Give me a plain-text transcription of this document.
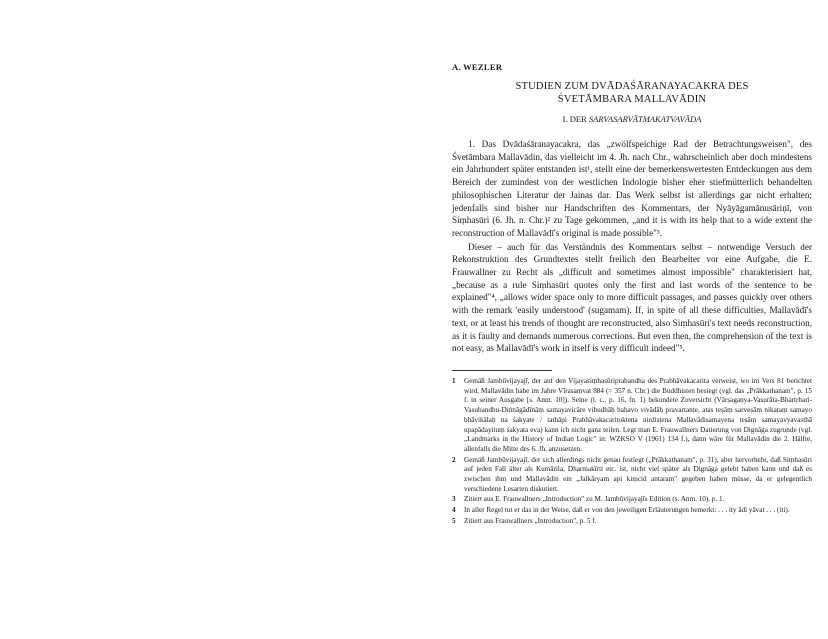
A. WEZLER
STUDIEN ZUM DVĀDAŚĀRANAYACAKRA DES
ŚVETĀMBARA MALLAVĀDIN
I. DER SARVASARVĀTMAKATVAVĀDA

1. Das Dvādaśāranayacakra, das „zwölfspeichige Rad der Betrachtungsweisen", des Śvetāmbara Mallavādin, das vielleicht im 4. Jh. nach Chr., wahrscheinlich aber doch mindestens ein Jahrhundert später entstanden ist¹, stellt eine der bemerkenswertesten Entdeckungen aus dem Bereich der zumindest von der westlichen Indologie bisher eher stiefmütterlich behandelten philosophischen Literatur der Jainas dar. Das Werk selbst ist allerdings gar nicht erhalten; jedenfalls sind bisher nur Handschriften des Kommentars, der Nyāyāgamānusāriṇī, von Siṃhasūri (6. Jh. n. Chr.)² zu Tage gekommen, „and it is with its help that to a wide extent the reconstruction of Mallavādī's original is made possible"³.

Dieser – auch für das Verständnis des Kommentars selbst – notwendige Versuch der Rekonstruktion des Grundtextes stellt freilich den Bearbeiter vor eine Aufgabe, die E. Frauwallner zu Recht als „difficult and sometimes almost impossible" charakterisiert hat, „because as a rule Siṃhasūri quotes only the first and last words of the sentence to be explained"⁴, „allows wider space only to more difficult passages, and passes quickly over others with the remark 'easily understood' (sugamam). If, in spite of all these difficulties, Mallavādī's text, or at least his trends of thought are reconstructed, also Siṃhasūri's text needs reconstruction, as it is faulty and demands numerous corrections. But even then, the comprehension of the text is not easy, as Mallavādī's work in itself is very difficult indeed"⁵.

1	Gemäß Jambūvijayajī, der auf den Vijayasiṃhasūriprabandha des Prabhāvakacarita verweist, wo im Vers 81 berichtet wird, Mallavādin habe im Jahre Vīrasaṃvat 884 (= 357 n. Chr.) die Buddhisten besiegt (vgl. das „Prākkathanam", p. 15 f. in seiner Ausgabe [s. Anm. 10]). Seine (l. c., p. 16, fn. 1) bekundete Zuversicht (Vārṣagaṇya-Vasurāta-Bhartṛhari-Vasubandhu-Diṅnāgādīnāṃ samayavicāre vibudhāḥ bahavo vivādāḥ pravartante, atas teṣāṃ sarveṣāṃ nikaṭaṃ samayo bhāvikālaḥ na śakyate / tathāpi Prabhāvakacaritoktena nirdiṣṭena Mallavādisamayena teṣāṃ samayavyavasthā upapādayituṃ śakyata eva) kann ich nicht ganz teilen. Legt man E. Frauwallners Datierung von Dignāga zugrunde (vgl. „Landmarks in the History of Indian Logic" in: WZKSO V (1961) 134 f.), dann wäre für Mallavādin die 2. Hälfte, allenfalls die Mitte des 6. Jh. anzusetzen.
2	Gemäß Jambūvijayajī, der sich allerdings nicht genau festlegt („Prākkathanam", p. 31), aber hervorhebt, daß Siṃhasūri auf jeden Fall älter als Kumārila, Dharmakīrti etc. ist, nicht viel später als Dignāga gelebt haben kann und daß es zwischen ihm und Mallavādin ein „Jalkāryam api kiṃcid antaram" gegeben haben müsse, da er gelegentlich verschiedene Lesarten diskutiert.
3	Zitiert aus E. Frauwallners „Introduction" zu M. Jambūvijayajīs Edition (s. Anm. 10), p. 1.
4	In aller Regel tut er das in der Weise, daß er von den jeweiligen Erläuterungen bemerkt: . . . ity ādi yāvat . . . (iti).
5	Zitiert aus Frauwallners „Introduction", p. 5 f.
